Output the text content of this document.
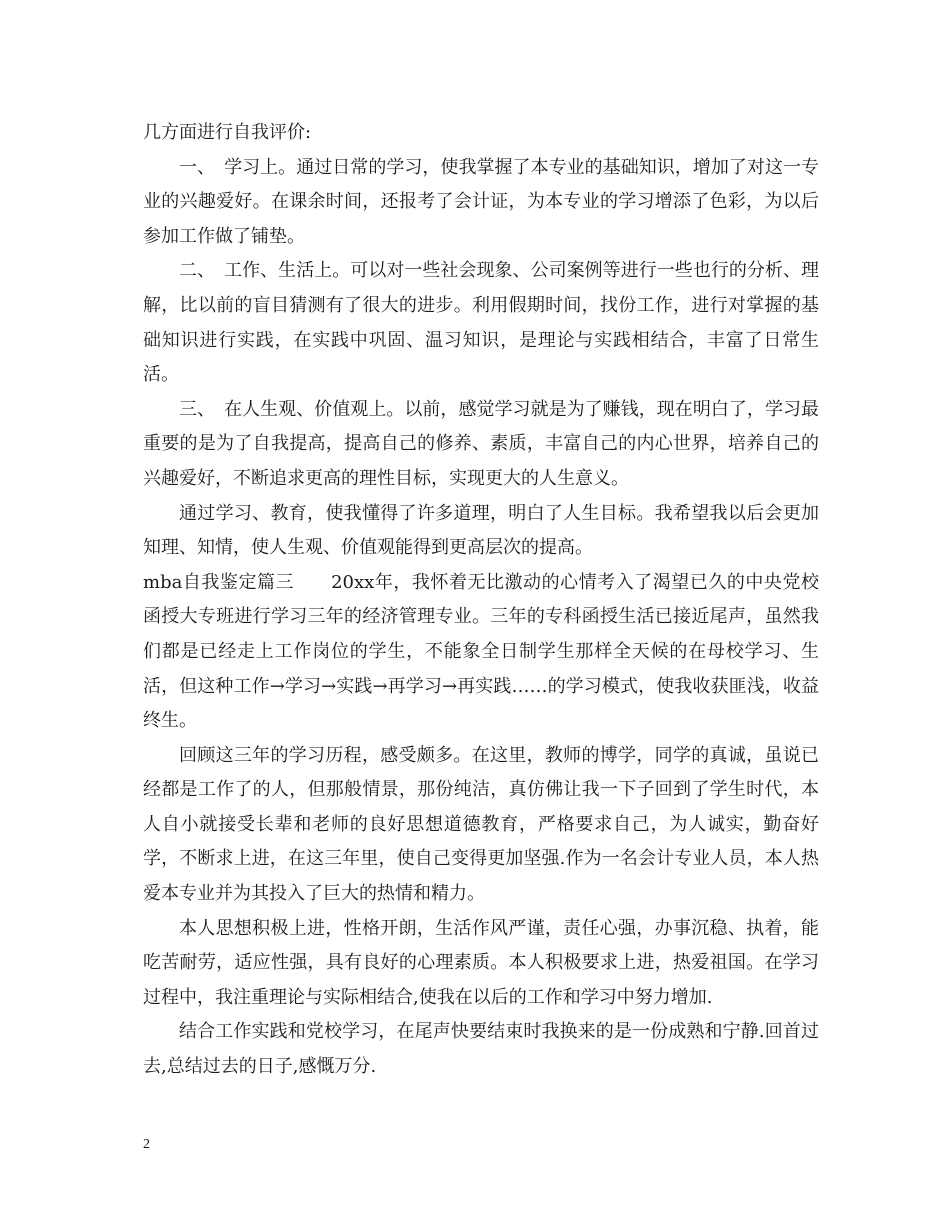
几方面进行自我评价:

一、　学习上。通过日常的学习，使我掌握了本专业的基础知识，增加了对这一专业的兴趣爱好。在课余时间，还报考了会计证，为本专业的学习增添了色彩，为以后参加工作做了铺垫。

二、　工作、生活上。可以对一些社会现象、公司案例等进行一些也行的分析、理解，比以前的盲目猜测有了很大的进步。利用假期时间，找份工作，进行对掌握的基础知识进行实践，在实践中巩固、温习知识，是理论与实践相结合，丰富了日常生活。

三、　在人生观、价值观上。以前，感觉学习就是为了赚钱，现在明白了，学习最重要的是为了自我提高，提高自己的修养、素质，丰富自己的内心世界，培养自己的兴趣爱好，不断追求更高的理性目标，实现更大的人生意义。

通过学习、教育，使我懂得了许多道理，明白了人生目标。我希望我以后会更加知理、知情，使人生观、价值观能得到更高层次的提高。

mba自我鉴定篇三　　20xx年，我怀着无比激动的心情考入了渴望已久的中央党校函授大专班进行学习三年的经济管理专业。三年的专科函授生活已接近尾声，虽然我们都是已经走上工作岗位的学生，不能象全日制学生那样全天候的在母校学习、生活，但这种工作→学习→实践→再学习→再实践……的学习模式，使我收获匪浅，收益终生。

回顾这三年的学习历程，感受颇多。在这里，教师的博学，同学的真诚，虽说已经都是工作了的人，但那般情景，那份纯洁，真仿佛让我一下子回到了学生时代，本人自小就接受长辈和老师的良好思想道德教育，严格要求自己，为人诚实，勤奋好学，不断求上进，在这三年里，使自己变得更加坚强.作为一名会计专业人员，本人热爱本专业并为其投入了巨大的热情和精力。

本人思想积极上进，性格开朗，生活作风严谨，责任心强，办事沉稳、执着，能吃苦耐劳，适应性强，具有良好的心理素质。本人积极要求上进，热爱祖国。在学习过程中，我注重理论与实际相结合,使我在以后的工作和学习中努力增加.

结合工作实践和党校学习，在尾声快要结束时我换来的是一份成熟和宁静.回首过去,总结过去的日子,感慨万分.

2
